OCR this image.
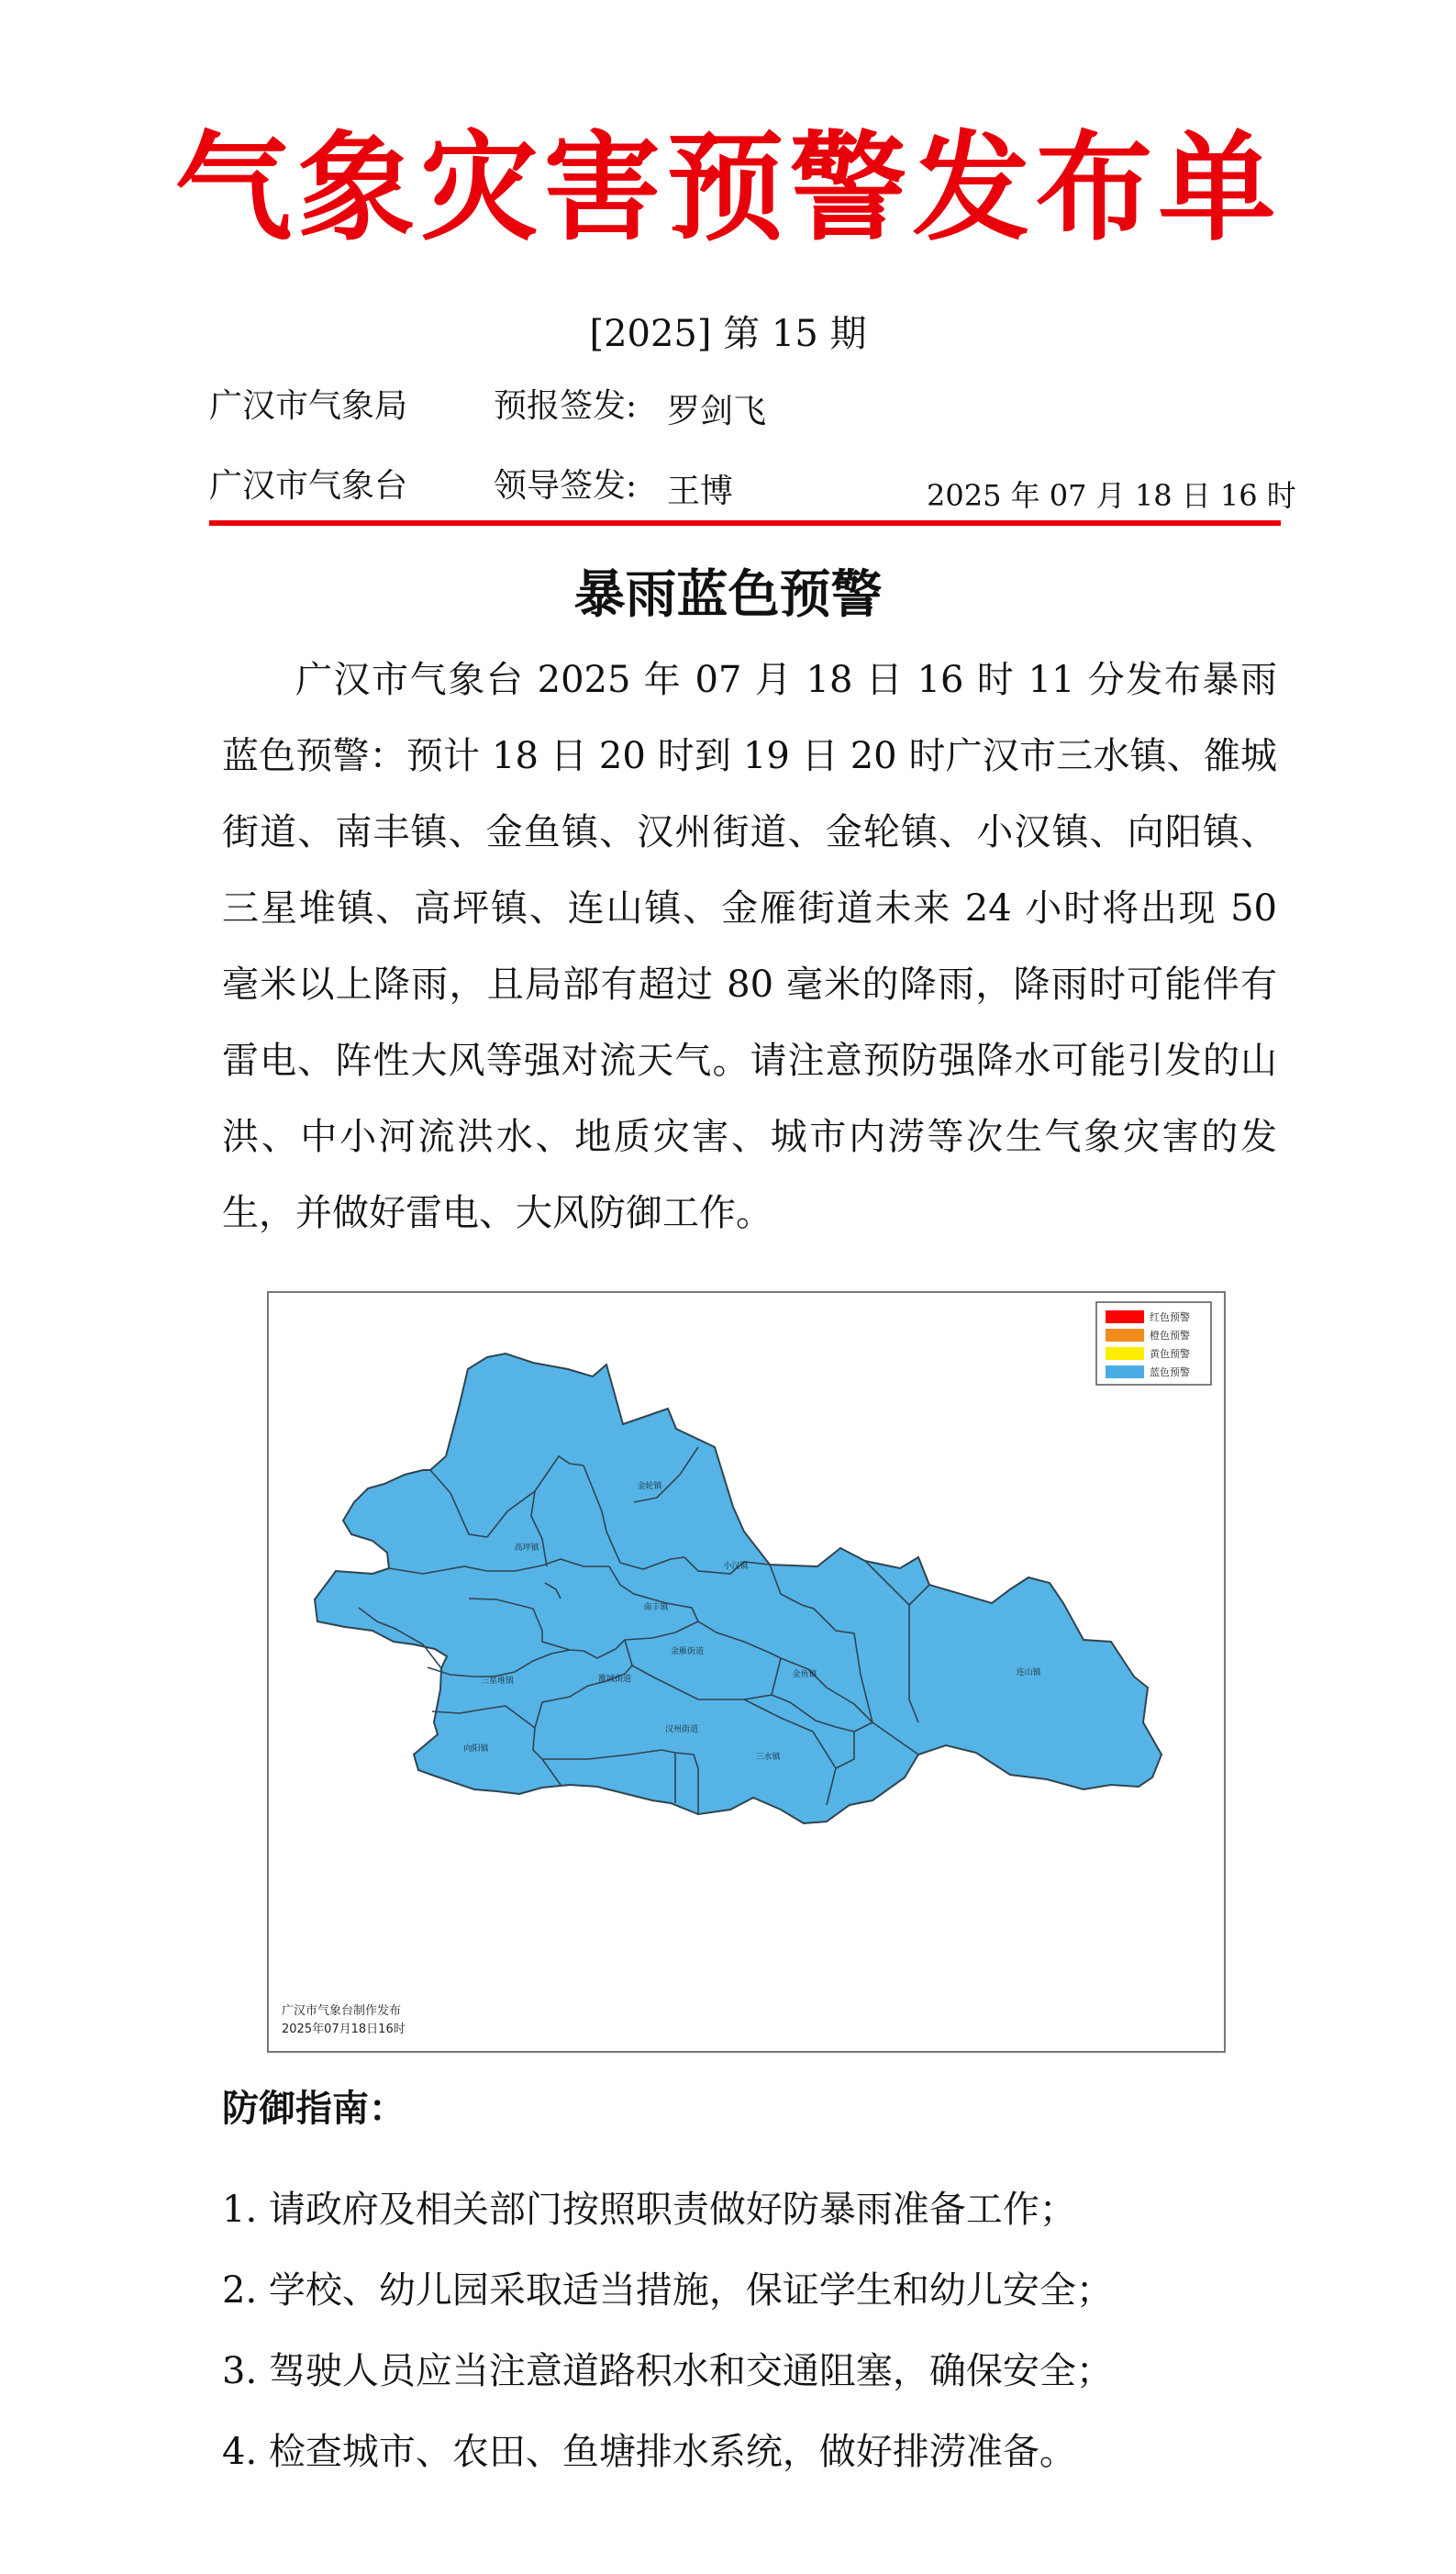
气象灾害预警发布单
[2025] 第 15 期
广汉市气象局	预报签发: 罗剑飞
广汉市气象台	领导签发: 王博	2025 年 07 月 18 日 16 时
暴雨蓝色预警
广汉市气象台 2025 年 07 月 18 日 16 时 11 分发布暴雨蓝色预警：预计 18 日 20 时到 19 日 20 时广汉市三水镇、雒城街道、南丰镇、金鱼镇、汉州街道、金轮镇、小汉镇、向阳镇、三星堆镇、高坪镇、连山镇、金雁街道未来 24 小时将出现 50 毫米以上降雨，且局部有超过 80 毫米的降雨，降雨时可能伴有雷电、阵性大风等强对流天气。请注意预防强降水可能引发的山洪、中小河流洪水、地质灾害、城市内涝等次生气象灾害的发生，并做好雷电、大风防御工作。
金轮镇
高坪镇
小汉镇
南丰镇
金雁街道
三星堆镇	雒城街道	金鱼镇	连山镇
汉州街道
向阳镇
三水镇
红色预警
橙色预警
黄色预警
蓝色预警
广汉市气象台制作发布
2025年07月18日16时
防御指南：
1. 请政府及相关部门按照职责做好防暴雨准备工作；
2. 学校、幼儿园采取适当措施，保证学生和幼儿安全；
3. 驾驶人员应当注意道路积水和交通阻塞，确保安全；
4. 检查城市、农田、鱼塘排水系统，做好排涝准备。
